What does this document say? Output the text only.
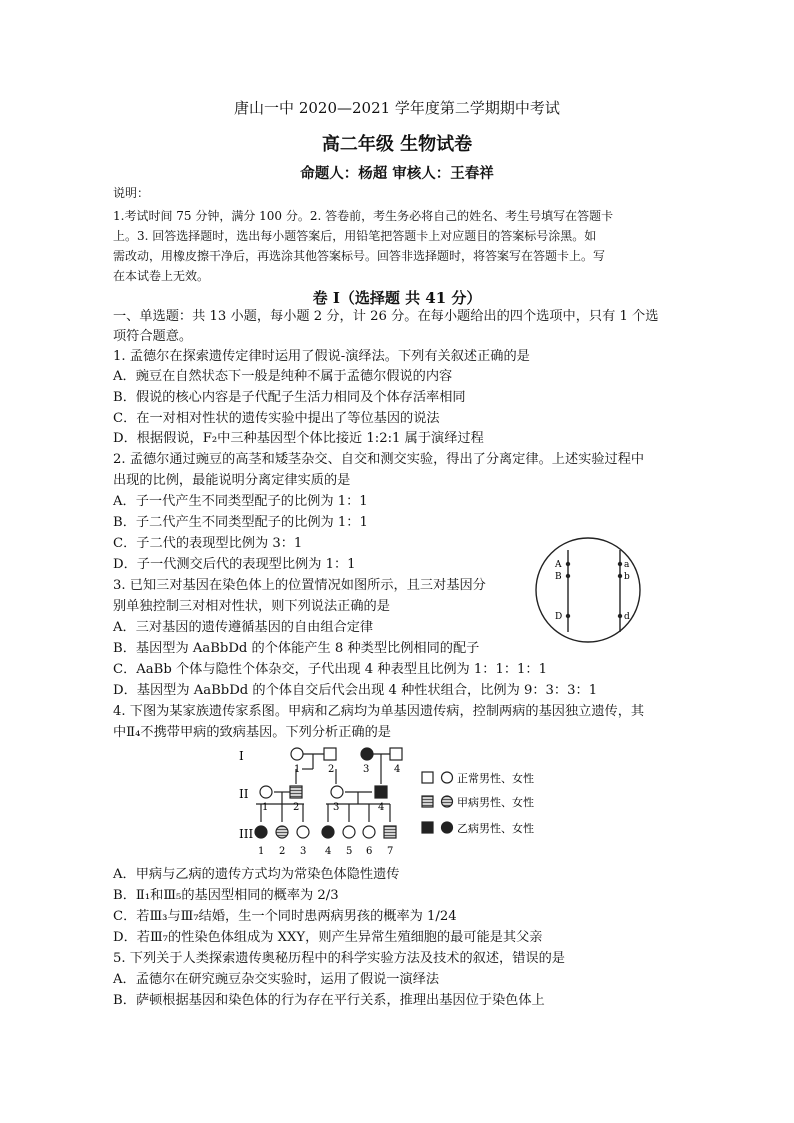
唐山一中 2020—2021 学年度第二学期期中考试
高二年级 生物试卷
命题人：杨超 审核人：王春祥
说明：
1.考试时间 75 分钟，满分 100 分。2. 答卷前，考生务必将自己的姓名、考生号填写在答题卡
上。3. 回答选择题时，选出每小题答案后，用铅笔把答题卡上对应题目的答案标号涂黑。如
需改动，用橡皮擦干净后，再选涂其他答案标号。回答非选择题时，将答案写在答题卡上。写
在本试卷上无效。
卷 I（选择题 共 41 分）
一、单选题：共 13 小题，每小题 2 分，计 26 分。在每小题给出的四个选项中，只有 1 个选
项符合题意。
1. 孟德尔在探索遗传定律时运用了假说-演绎法。下列有关叙述正确的是
A．豌豆在自然状态下一般是纯种不属于孟德尔假说的内容
B．假说的核心内容是子代配子生活力相同及个体存活率相同
C．在一对相对性状的遗传实验中提出了等位基因的说法
D．根据假说，F₂中三种基因型个体比接近 1:2:1 属于演绎过程
2. 孟德尔通过豌豆的高茎和矮茎杂交、自交和测交实验，得出了分离定律。上述实验过程中
出现的比例，最能说明分离定律实质的是
A．子一代产生不同类型配子的比例为 1：1
B．子二代产生不同类型配子的比例为 1：1
C．子二代的表现型比例为 3：1
D．子一代测交后代的表现型比例为 1：1	A
B
D
a
b
d
3. 已知三对基因在染色体上的位置情况如图所示，且三对基因分
别单独控制三对相对性状，则下列说法正确的是
A．三对基因的遗传遵循基因的自由组合定律
B．基因型为 AaBbDd 的个体能产生 8 种类型比例相同的配子
C．AaBb 个体与隐性个体杂交，子代出现 4 种表型且比例为 1：1：1：1
D．基因型为 AaBbDd 的个体自交后代会出现 4 种性状组合，比例为 9：3：3：1
4. 下图为某家族遗传家系图。甲病和乙病均为单基因遗传病，控制两病的基因独立遗传，其
中Ⅱ₄不携带甲病的致病基因。下列分析正确的是
I
II
III
1	2	3 4
1 2	3	4
1 2 3 4 5 6 7
正常男性、女性
甲病男性、女性
乙病男性、女性
A．甲病与乙病的遗传方式均为常染色体隐性遗传
B．Ⅱ₁和Ⅲ₅的基因型相同的概率为 2/3
C．若Ⅲ₃与Ⅲ₇结婚，生一个同时患两病男孩的概率为 1/24
D．若Ⅲ₇的性染色体组成为 XXY，则产生异常生殖细胞的最可能是其父亲
5. 下列关于人类探索遗传奥秘历程中的科学实验方法及技术的叙述，错误的是
A．孟德尔在研究豌豆杂交实验时，运用了假说一演绎法
B．萨顿根据基因和染色体的行为存在平行关系，推理出基因位于染色体上
